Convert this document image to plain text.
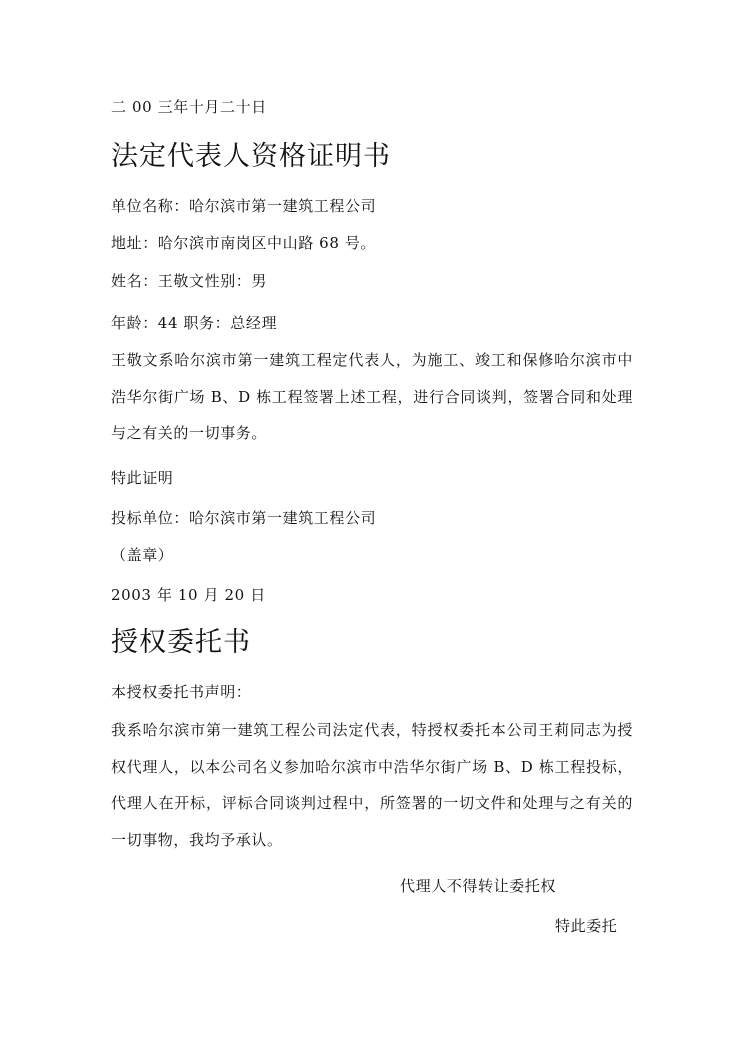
二 00 三年十月二十日
法定代表人资格证明书
单位名称：哈尔滨市第一建筑工程公司
地址：哈尔滨市南岗区中山路 68 号。
姓名：王敬文性别：男
年龄：44 职务：总经理
王敬文系哈尔滨市第一建筑工程定代表人，为施工、竣工和保修哈尔滨市中浩华尔街广场 B、D 栋工程签署上述工程，进行合同谈判，签署合同和处理与之有关的一切事务。
特此证明
投标单位：哈尔滨市第一建筑工程公司
（盖章）
2003 年 10 月 20 日
授权委托书
本授权委托书声明：
我系哈尔滨市第一建筑工程公司法定代表，特授权委托本公司王莉同志为授权代理人，以本公司名义参加哈尔滨市中浩华尔街广场 B、D 栋工程投标，代理人在开标，评标合同谈判过程中，所签署的一切文件和处理与之有关的一切事物，我均予承认。
代理人不得转让委托权
特此委托
